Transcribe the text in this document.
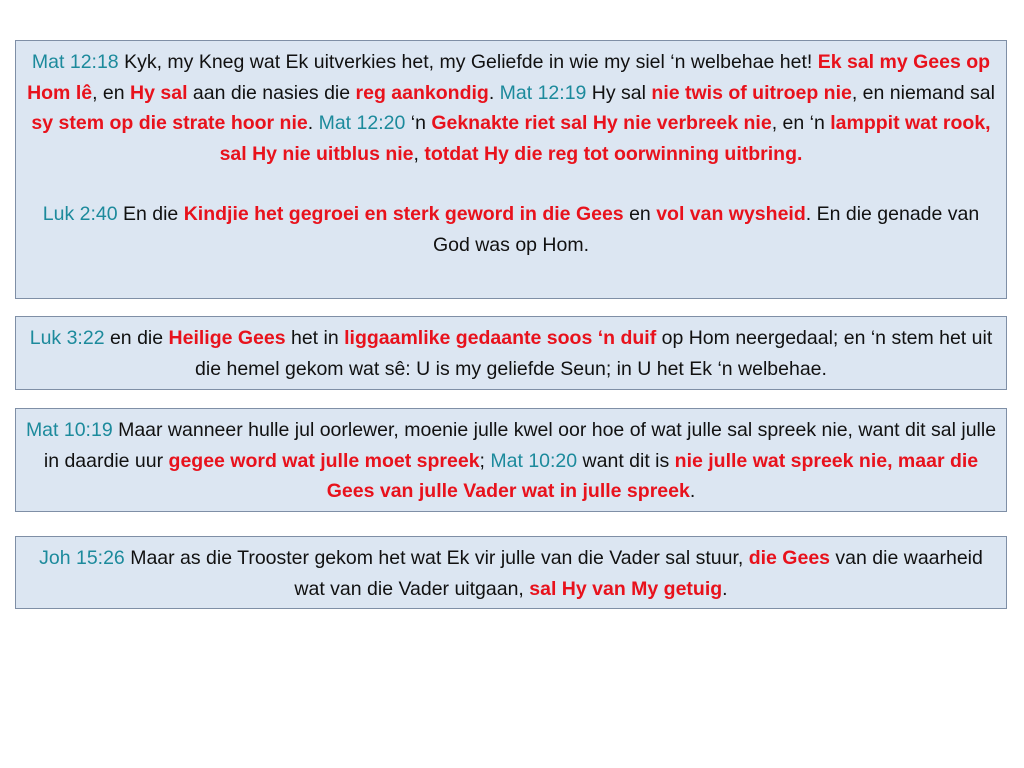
Mat 12:18 Kyk, my Kneg wat Ek uitverkies het, my Geliefde in wie my siel ‘n welbehae het! Ek sal my Gees op Hom lê, en Hy sal aan die nasies die reg aankondig. Mat 12:19 Hy sal nie twis of uitroep nie, en niemand sal sy stem op die strate hoor nie. Mat 12:20 ‘n Geknakte riet sal Hy nie verbreek nie, en ‘n lamppit wat rook, sal Hy nie uitblus nie, totdat Hy die reg tot oorwinning uitbring.
Luk 2:40 En die Kindjie het gegroei en sterk geword in die Gees en vol van wysheid. En die genade van God was op Hom.
Luk 3:22 en die Heilige Gees het in liggaamlike gedaante soos ‘n duif op Hom neergedaal; en ‘n stem het uit die hemel gekom wat sê: U is my geliefde Seun; in U het Ek ‘n welbehae.
Mat 10:19 Maar wanneer hulle jul oorlewer, moenie julle kwel oor hoe of wat julle sal spreek nie, want dit sal julle in daardie uur gegee word wat julle moet spreek; Mat 10:20 want dit is nie julle wat spreek nie, maar die Gees van julle Vader wat in julle spreek.
Joh 15:26 Maar as die Trooster gekom het wat Ek vir julle van die Vader sal stuur, die Gees van die waarheid wat van die Vader uitgaan, sal Hy van My getuig.
